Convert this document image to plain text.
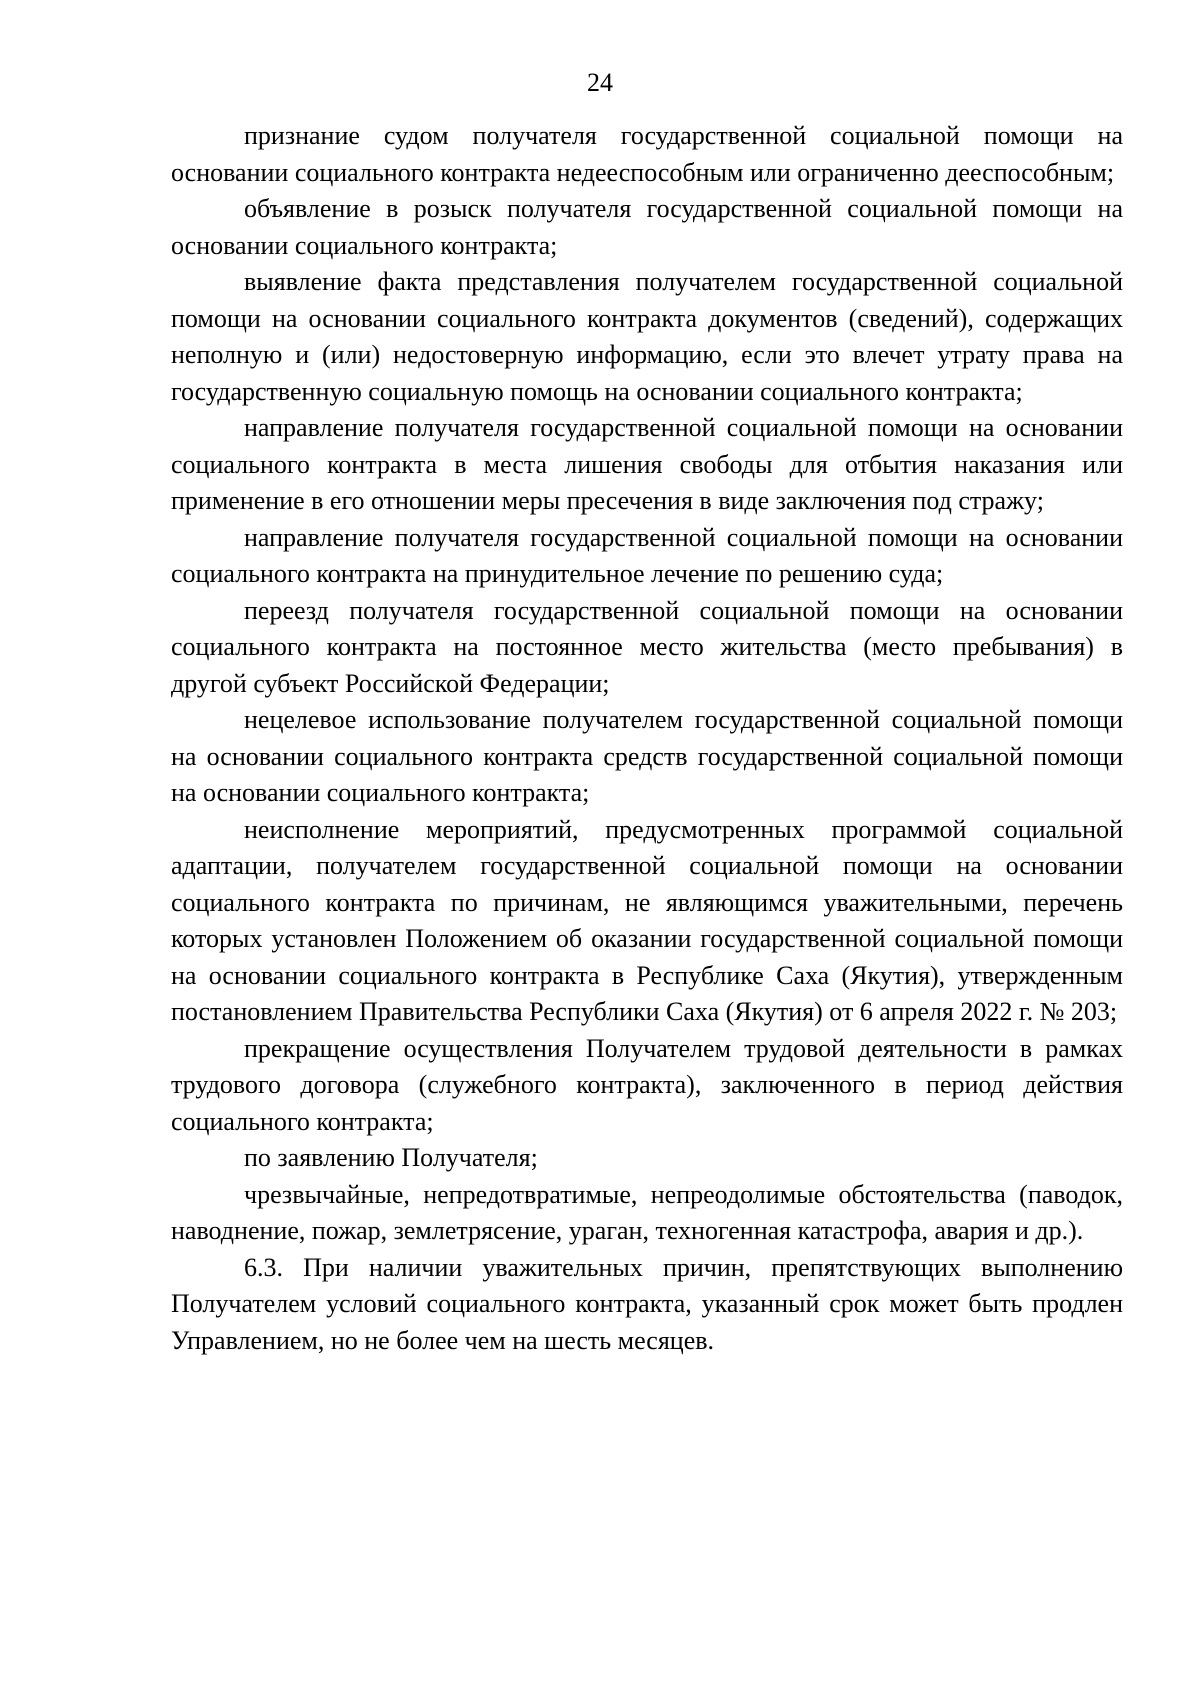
24

признание судом получателя государственной социальной помощи на основании социального контракта недееспособным или ограниченно дееспособным;

объявление в розыск получателя государственной социальной помощи на основании социального контракта;

выявление факта представления получателем государственной социальной помощи на основании социального контракта документов (сведений), содержащих неполную и (или) недостоверную информацию, если это влечет утрату права на государственную социальную помощь на основании социального контракта;

направление получателя государственной социальной помощи на основании социального контракта в места лишения свободы для отбытия наказания или применение в его отношении меры пресечения в виде заключения под стражу;

направление получателя государственной социальной помощи на основании социального контракта на принудительное лечение по решению суда;

переезд получателя государственной социальной помощи на основании социального контракта на постоянное место жительства (место пребывания) в другой субъект Российской Федерации;

нецелевое использование получателем государственной социальной помощи на основании социального контракта средств государственной социальной помощи на основании социального контракта;

неисполнение мероприятий, предусмотренных программой социальной адаптации, получателем государственной социальной помощи на основании социального контракта по причинам, не являющимся уважительными, перечень которых установлен Положением об оказании государственной социальной помощи на основании социального контракта в Республике Саха (Якутия), утвержденным постановлением Правительства Республики Саха (Якутия) от 6 апреля 2022 г. № 203;

прекращение осуществления Получателем трудовой деятельности в рамках трудового договора (служебного контракта), заключенного в период действия социального контракта;

по заявлению Получателя;

чрезвычайные, непредотвратимые, непреодолимые обстоятельства (паводок, наводнение, пожар, землетрясение, ураган, техногенная катастрофа, авария и др.).

6.3. При наличии уважительных причин, препятствующих выполнению Получателем условий социального контракта, указанный срок может быть продлен Управлением, но не более чем на шесть месяцев.
